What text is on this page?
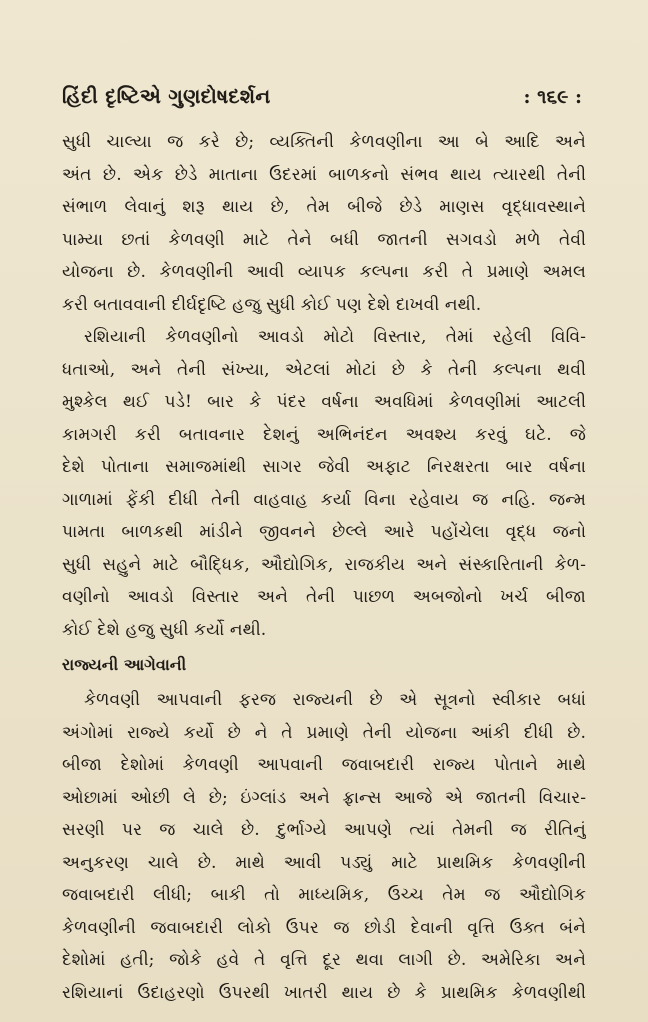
હિંદી દૃષ્ટિએ ગુણદોષદર્શન	: ૧૬૯ :
સુધી ચાલ્યા જ કરે છે; વ્યક્તિની કેળવણીના આ બે આદિ અને
અંત છે. એક છેડે માતાના ઉદરમાં બાળકનો સંભવ થાય ત્યારથી તેની
સંભાળ લેવાનું શરૂ થાય છે, તેમ બીજે છેડે માણસ વૃદ્ધાવસ્થાને
પામ્યા છતાં કેળવણી માટે તેને બધી જાતની સગવડો મળે તેવી
યોજના છે. કેળવણીની આવી વ્યાપક કલ્પના કરી તે પ્રમાણે અમલ
કરી બતાવવાની દીર્ઘદૃષ્ટિ હજુ સુધી કોઈ પણ દેશે દાખવી નથી.
રશિયાની કેળવણીનો આવડો મોટો વિસ્તાર, તેમાં રહેલી વિવિ-
ધતાઓ, અને તેની સંખ્યા, એટલાં મોટાં છે કે તેની કલ્પના થવી
મુશ્કેલ થઈ પડે! બાર કે પંદર વર્ષના અવધિમાં કેળવણીમાં આટલી
કામગરી કરી બતાવનાર દેશનું અભિનંદન અવશ્ય કરવું ઘટે. જે
દેશે પોતાના સમાજમાંથી સાગર જેવી અફાટ નિરક્ષરતા બાર વર્ષના
ગાળામાં ફેંકી દીધી તેની વાહવાહ કર્યા વિના રહેવાય જ નહિ. જન્મ
પામતા બાળકથી માંડીને જીવનને છેલ્લે આરે પહોંચેલા વૃદ્ધ જનો
સુધી સહુને માટે બૌદ્ધિક, ઔદ્યોગિક, રાજકીય અને સંસ્કારિતાની કેળ-
વણીનો આવડો વિસ્તાર અને તેની પાછળ અબજોનો ખર્ચ બીજા
કોઈ દેશે હજુ સુધી કર્યો નથી.
રાજ્યની આગેવાની
કેળવણી આપવાની ફરજ રાજ્યની છે એ સૂત્રનો સ્વીકાર બધાં
અંગોમાં રાજ્યે કર્યો છે ને તે પ્રમાણે તેની યોજના આંકી દીધી છે.
બીજા દેશોમાં કેળવણી આપવાની જવાબદારી રાજ્ય પોતાને માથે
ઓછામાં ઓછી લે છે; ઇંગ્લાંડ અને ફ્રાન્સ આજે એ જાતની વિચાર-
સરણી પર જ ચાલે છે. દુર્ભાગ્યે આપણે ત્યાં તેમની જ રીતિનું
અનુકરણ ચાલે છે. માથે આવી પડ્યું માટે પ્રાથમિક કેળવણીની
જવાબદારી લીધી; બાકી તો માધ્યમિક, ઉચ્ચ તેમ જ ઔદ્યોગિક
કેળવણીની જવાબદારી લોકો ઉપર જ છોડી દેવાની વૃત્તિ ઉક્ત બંને
દેશોમાં હતી; જોકે હવે તે વૃત્તિ દૂર થવા લાગી છે. અમેરિકા અને
રશિયાનાં ઉદાહરણો ઉપરથી ખાતરી થાય છે કે પ્રાથમિક કેળવણીથી
